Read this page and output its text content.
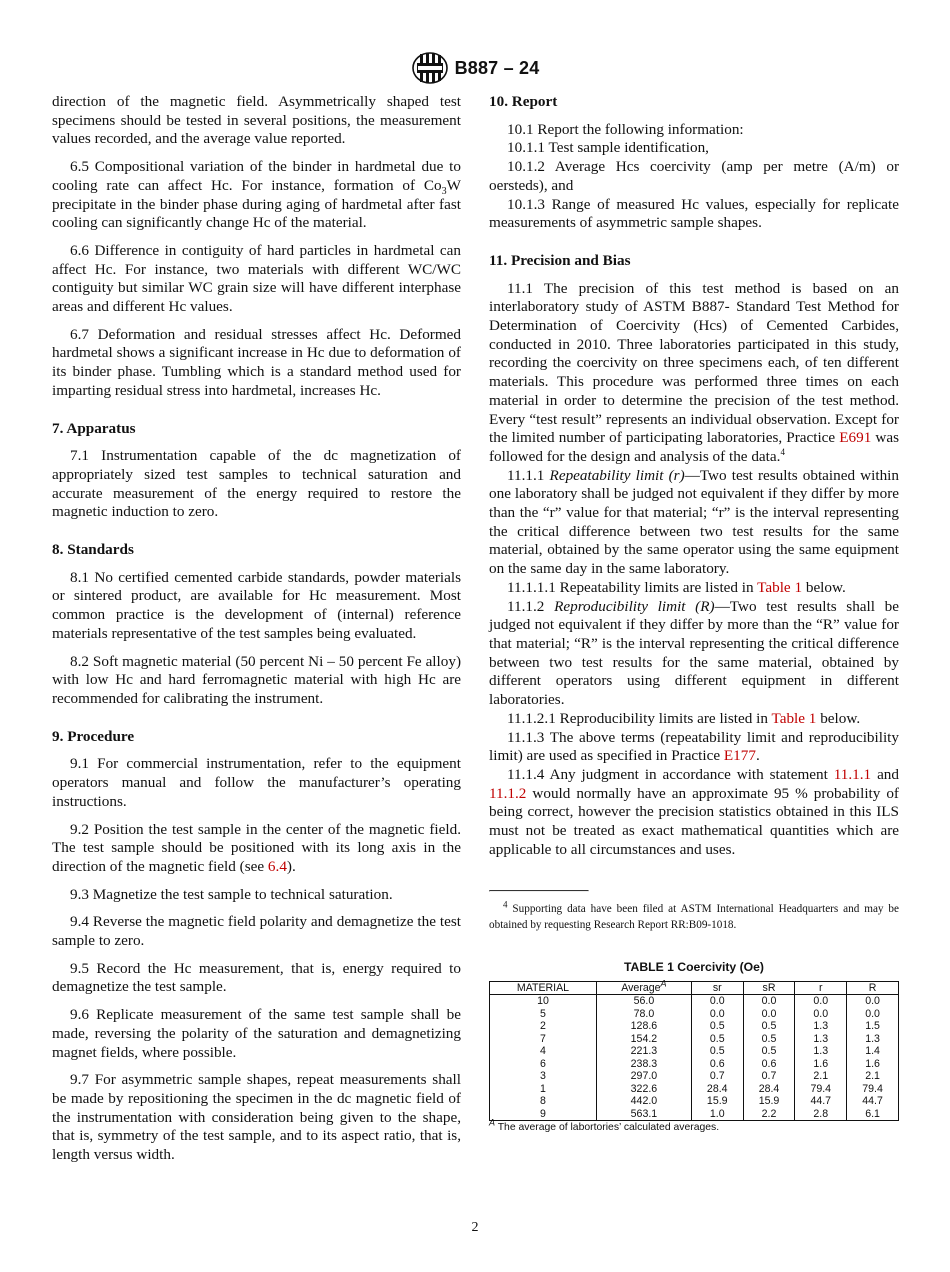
B887 – 24

direction of the magnetic field. Asymmetrically shaped test specimens should be tested in several positions, the measurement values recorded, and the average value reported.

6.5 Compositional variation of the binder in hardmetal due to cooling rate can affect Hc. For instance, formation of $Co_3W$ precipitate in the binder phase during aging of hardmetal after fast cooling can significantly change Hc of the material.

6.6 Difference in contiguity of hard particles in hardmetal can affect Hc. For instance, two materials with different WC/WC contiguity but similar WC grain size will have different interphase areas and different Hc values.

6.7 Deformation and residual stresses affect Hc. Deformed hardmetal shows a significant increase in Hc due to deformation of its binder phase. Tumbling which is a standard method used for imparting residual stress into hardmetal, increases Hc.

7. Apparatus

7.1 Instrumentation capable of the dc magnetization of appropriately sized test samples to technical saturation and accurate measurement of the energy required to restore the magnetic induction to zero.

8. Standards

8.1 No certified cemented carbide standards, powder materials or sintered product, are available for Hc measurement. Most common practice is the development of (internal) reference materials representative of the test samples being evaluated.

8.2 Soft magnetic material (50 percent Ni – 50 percent Fe alloy) with low Hc and hard ferromagnetic material with high Hc are recommended for calibrating the instrument.

9. Procedure

9.1 For commercial instrumentation, refer to the equipment operators manual and follow the manufacturer’s operating instructions.

9.2 Position the test sample in the center of the magnetic field. The test sample should be positioned with its long axis in the direction of the magnetic field (see 6.4).

9.3 Magnetize the test sample to technical saturation.

9.4 Reverse the magnetic field polarity and demagnetize the test sample to zero.

9.5 Record the Hc measurement, that is, energy required to demagnetize the test sample.

9.6 Replicate measurement of the same test sample shall be made, reversing the polarity of the saturation and demagnetizing magnet fields, where possible.

9.7 For asymmetric sample shapes, repeat measurements shall be made by repositioning the specimen in the dc magnetic field of the instrumentation with consideration being given to the shape, that is, symmetry of the test sample, and to its aspect ratio, that is, length versus width.

10. Report

10.1 Report the following information:

10.1.1 Test sample identification,

10.1.2 Average Hcs coercivity (amp per metre (A/m) or oersteds), and

10.1.3 Range of measured Hc values, especially for replicate measurements of asymmetric sample shapes.

11. Precision and Bias

11.1 The precision of this test method is based on an interlaboratory study of ASTM B887- Standard Test Method for Determination of Coercivity (Hcs) of Cemented Carbides, conducted in 2010. Three laboratories participated in this study, recording the coercivity on three specimens each, of ten different materials. This procedure was performed three times on each material in order to determine the precision of the test method. Every “test result” represents an individual observation. Except for the limited number of participating laboratories, Practice E691 was followed for the design and analysis of the data.$^4$

11.1.1 Repeatability limit (r)—Two test results obtained within one laboratory shall be judged not equivalent if they differ by more than the “r” value for that material; “r” is the interval representing the critical difference between two test results for the same material, obtained by the same operator using the same equipment on the same day in the same laboratory.

11.1.1.1 Repeatability limits are listed in Table 1 below.

11.1.2 Reproducibility limit (R)—Two test results shall be judged not equivalent if they differ by more than the “R” value for that material; “R” is the interval representing the critical difference between two test results for the same material, obtained by different operators using different equipment in different laboratories.

11.1.2.1 Reproducibility limits are listed in Table 1 below.

11.1.3 The above terms (repeatability limit and reproducibility limit) are used as specified in Practice E177.

11.1.4 Any judgment in accordance with statement 11.1.1 and 11.1.2 would normally have an approximate 95 % probability of being correct, however the precision statistics obtained in this ILS must not be treated as exact mathematical quantities which are applicable to all circumstances and uses.

$^4$ Supporting data have been filed at ASTM International Headquarters and may be obtained by requesting Research Report RR:B09-1018.

TABLE 1 Coercivity (Oe)

MATERIAL	Average$^A$	sr	sR	r	R
10	56.0	0.0	0.0	0.0	0.0
5	78.0	0.0	0.0	0.0	0.0
2	128.6	0.5	0.5	1.3	1.5
7	154.2	0.5	0.5	1.3	1.3
4	221.3	0.5	0.5	1.3	1.4
6	238.3	0.6	0.6	1.6	1.6
3	297.0	0.7	0.7	2.1	2.1
1	322.6	28.4	28.4	79.4	79.4
8	442.0	15.9	15.9	44.7	44.7
9	563.1	1.0	2.2	2.8	6.1

$^A$ The average of labortories’ calculated averages.

2
